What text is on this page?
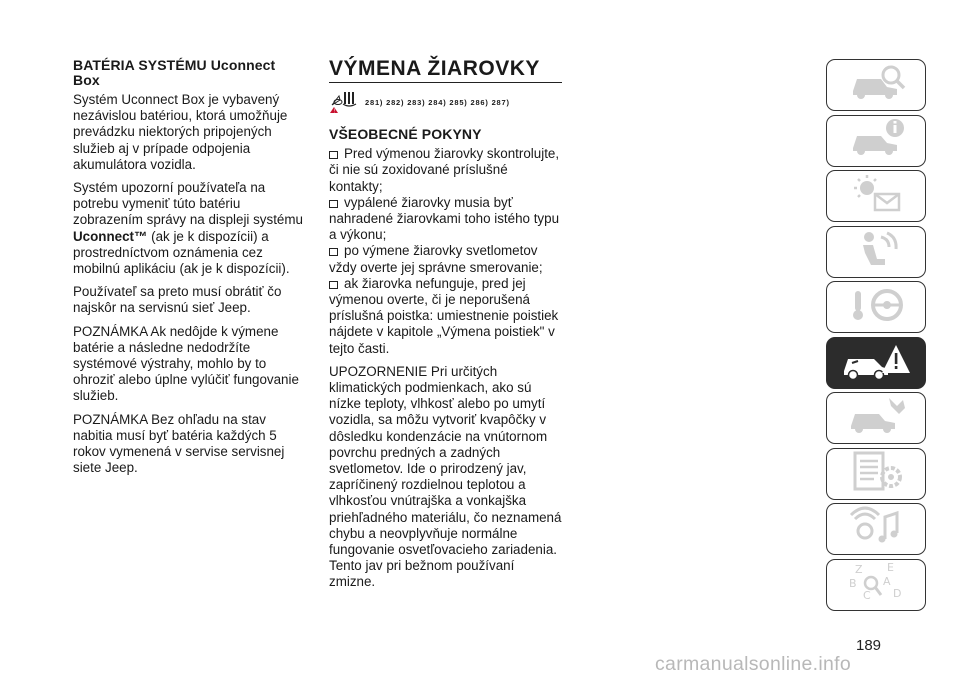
BATÉRIA SYSTÉMU Uconnect Box

Systém Uconnect Box je vybavený nezávislou batériou, ktorá umožňuje prevádzku niektorých pripojených služieb aj v prípade odpojenia akumulátora vozidla.

Systém upozorní používateľa na potrebu vymeniť túto batériu zobrazením správy na displeji systému Uconnect™ (ak je k dispozícii) a prostredníctvom oznámenia cez mobilnú aplikáciu (ak je k dispozícii).

Používateľ sa preto musí obrátiť čo najskôr na servisnú sieť Jeep.

POZNÁMKA Ak nedôjde k výmene batérie a následne nedodržíte systémové výstrahy, mohlo by to ohroziť alebo úplne vylúčiť fungovanie služieb.

POZNÁMKA Bez ohľadu na stav nabitia musí byť batéria každých 5 rokov vymenená v servise servisnej siete Jeep.

VÝMENA ŽIAROVKY
!
281) 282) 283) 284) 285) 286) 287)
VŠEOBECNÉ POKYNY

Pred výmenou žiarovky skontrolujte, či nie sú zoxidované príslušné kontakty;
vypálené žiarovky musia byť nahradené žiarovkami toho istého typu a výkonu;
po výmene žiarovky svetlometov vždy overte jej správne smerovanie;
ak žiarovka nefunguje, pred jej výmenou overte, či je neporušená príslušná poistka: umiestnenie poistiek nájdete v kapitole „Výmena poistiek" v tejto časti.

UPOZORNENIE Pri určitých klimatických podmienkach, ako sú nízke teploty, vlhkosť alebo po umytí vozidla, sa môžu vytvoriť kvapôčky v dôsledku kondenzácie na vnútornom povrchu predných a zadných svetlometov. Ide o prirodzený jav, zapríčinený rozdielnou teplotou a vlhkosťou vnútrajška a vonkajška priehľadného materiálu, čo neznamená chybu a neovplyvňuje normálne fungovanie osvetľovacieho zariadenia. Tento jav pri bežnom používaní zmizne.

Z E
B A
C D
189
carmanualsonline.info
